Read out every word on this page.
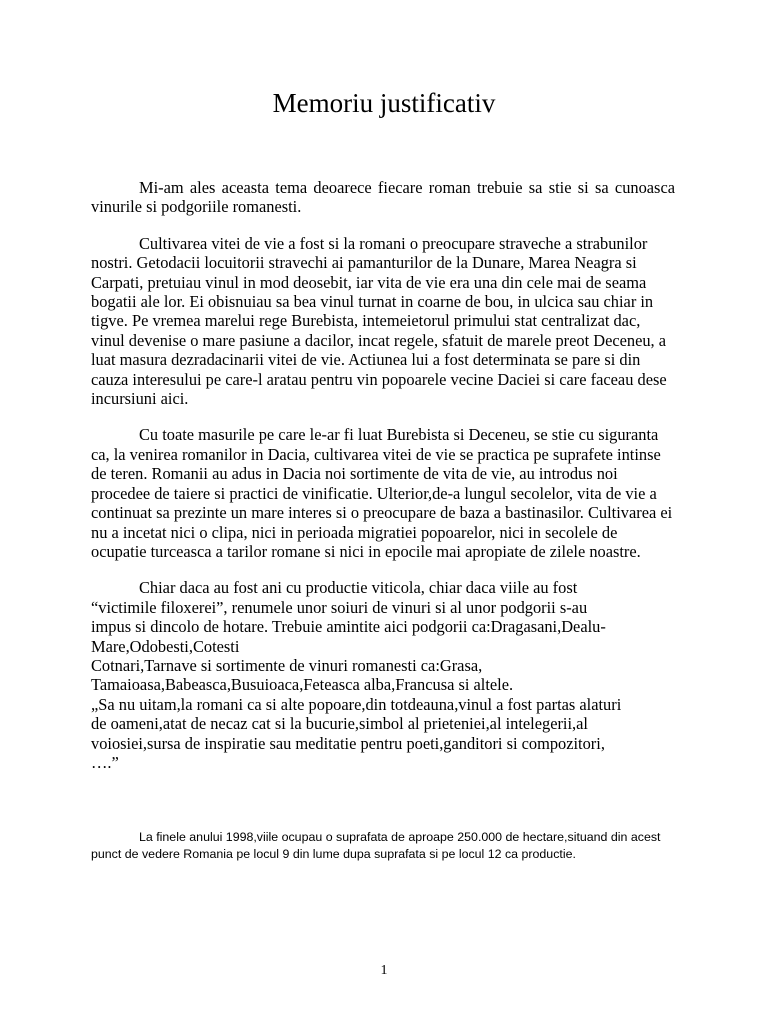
Memoriu justificativ

Mi-am ales aceasta tema deoarece fiecare roman trebuie sa stie si sa cunoasca vinurile si podgoriile romanesti.

Cultivarea vitei de vie a fost si la romani o preocupare straveche a strabunilor nostri. Getodacii locuitorii stravechi ai pamanturilor de la Dunare, Marea Neagra si Carpati, pretuiau vinul in mod deosebit, iar vita de vie era una din cele mai de seama bogatii ale lor. Ei obisnuiau sa bea vinul turnat in coarne de bou, in ulcica sau chiar in tigve. Pe vremea marelui rege Burebista, intemeietorul primului stat centralizat dac, vinul devenise o mare pasiune a dacilor, incat regele, sfatuit de marele preot Deceneu, a luat masura dezradacinarii vitei de vie. Actiunea lui a fost determinata se pare si din cauza interesului pe care-l aratau pentru vin popoarele vecine Daciei si care faceau dese incursiuni aici.

Cu toate masurile pe care le-ar fi luat Burebista si Deceneu, se stie cu siguranta ca, la venirea romanilor in Dacia, cultivarea vitei de vie se practica pe suprafete intinse de teren. Romanii au adus in Dacia noi sortimente de vita de vie, au introdus noi procedee de taiere si practici de vinificatie. Ulterior,de-a lungul secolelor, vita de vie a continuat sa prezinte un mare interes si o preocupare de baza a bastinasilor. Cultivarea ei nu a incetat nici o clipa, nici in perioada migratiei popoarelor, nici in secolele de ocupatie turceasca a tarilor romane si nici in epocile mai apropiate de zilele noastre.

Chiar daca au fost ani cu productie viticola, chiar daca viile au fost
“victimile filoxerei”, renumele unor soiuri de vinuri si al unor podgorii s-au
impus si dincolo de hotare. Trebuie amintite aici podgorii ca:Dragasani,Dealu-
Mare,Odobesti,Cotesti
Cotnari,Tarnave si sortimente de vinuri romanesti ca:Grasa,
Tamaioasa,Babeasca,Busuioaca,Feteasca alba,Francusa si altele.
„Sa nu uitam,la romani ca si alte popoare,din totdeauna,vinul a fost partas alaturi
de oameni,atat de necaz cat si la bucurie,simbol al prieteniei,al intelegerii,al
voiosiei,sursa de inspiratie sau meditatie pentru poeti,ganditori si compozitori,
….”

La finele anului 1998,viile ocupau o suprafata de aproape 250.000 de hectare,situand din acest punct de vedere Romania pe locul 9 din lume dupa suprafata si pe locul 12 ca productie.

1
